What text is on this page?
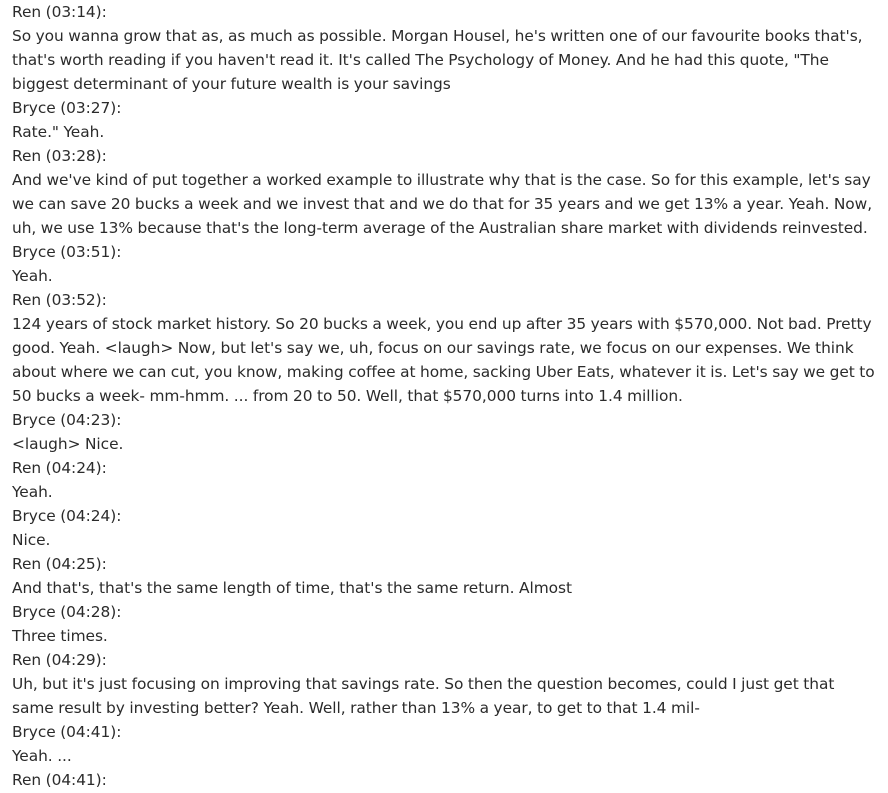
Ren (03:14):

So you wanna grow that as, as much as possible. Morgan Housel, he's written one of our favourite books that's, that's worth reading if you haven't read it. It's called The Psychology of Money. And he had this quote, "The biggest determinant of your future wealth is your savings

Bryce (03:27):

Rate." Yeah.

Ren (03:28):

And we've kind of put together a worked example to illustrate why that is the case. So for this example, let's say we can save 20 bucks a week and we invest that and we do that for 35 years and we get 13% a year. Yeah. Now, uh, we use 13% because that's the long-term average of the Australian share market with dividends reinvested.

Bryce (03:51):

Yeah.

Ren (03:52):

124 years of stock market history. So 20 bucks a week, you end up after 35 years with $570,000. Not bad. Pretty good. Yeah. <laugh> Now, but let's say we, uh, focus on our savings rate, we focus on our expenses. We think about where we can cut, you know, making coffee at home, sacking Uber Eats, whatever it is. Let's say we get to 50 bucks a week- mm-hmm. ... from 20 to 50. Well, that $570,000 turns into 1.4 million.

Bryce (04:23):

<laugh> Nice.

Ren (04:24):

Yeah.

Bryce (04:24):

Nice.

Ren (04:25):

And that's, that's the same length of time, that's the same return. Almost

Bryce (04:28):

Three times.

Ren (04:29):

Uh, but it's just focusing on improving that savings rate. So then the question becomes, could I just get that same result by investing better? Yeah. Well, rather than 13% a year, to get to that 1.4 mil-

Bryce (04:41):

Yeah. ...

Ren (04:41):
